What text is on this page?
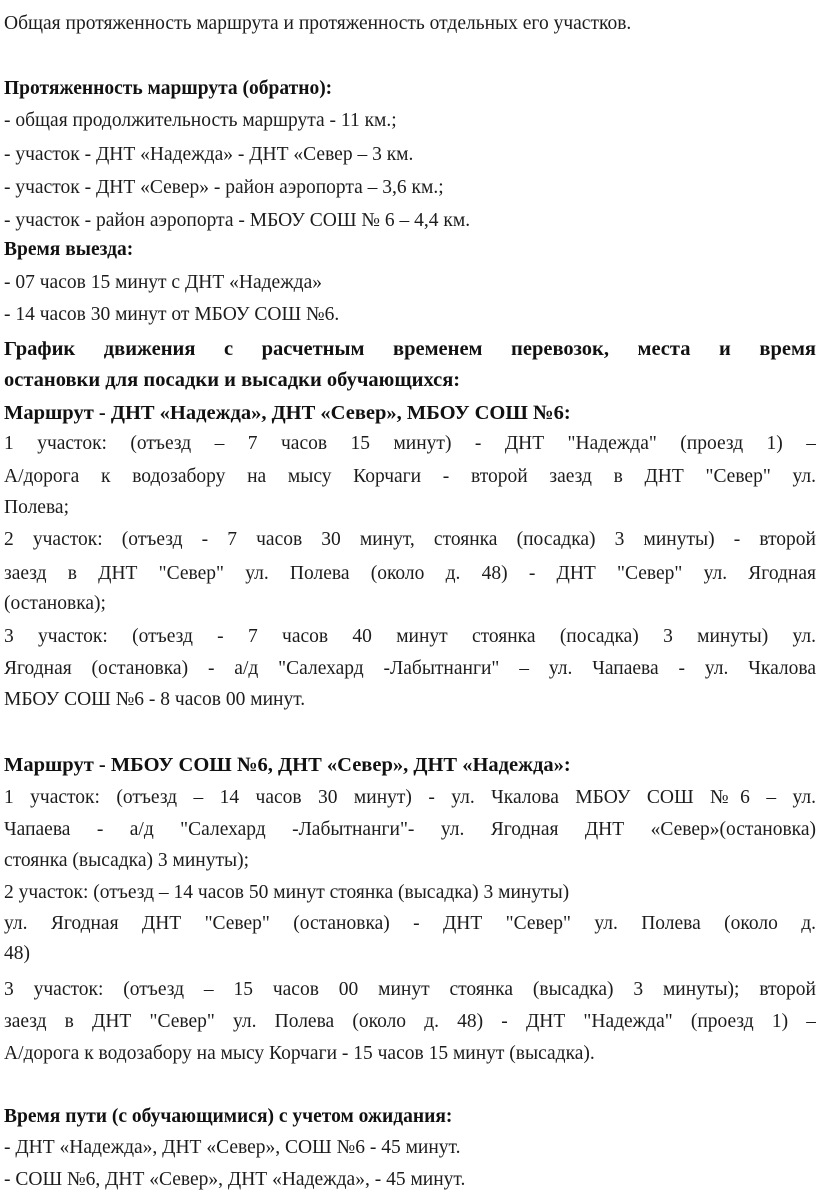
Общая протяженность маршрута и протяженность отдельных его участков.
Протяженность маршрута (обратно):
- общая продолжительность маршрута - 11 км.;
- участок - ДНТ «Надежда» - ДНТ «Север – 3 км.
- участок - ДНТ «Север» - район аэропорта – 3,6 км.;
- участок - район аэропорта - МБОУ СОШ № 6 – 4,4 км.
Время выезда:
- 07 часов 15 минут с ДНТ «Надежда»
- 14 часов 30 минут от МБОУ СОШ №6.
График движения с расчетным временем перевозок, места и время
остановки для посадки и высадки обучающихся:
Маршрут - ДНТ «Надежда», ДНТ «Север», МБОУ СОШ №6:
1 участок: (отъезд – 7 часов 15 минут) - ДНТ "Надежда" (проезд 1) –
А/дорога к водозабору на мысу Корчаги - второй заезд в ДНТ "Север" ул.
Полева;
2 участок: (отъезд - 7 часов 30 минут, стоянка (посадка) 3 минуты) - второй
заезд в ДНТ "Север" ул. Полева (около д. 48) - ДНТ "Север" ул. Ягодная
(остановка);
3 участок: (отъезд - 7 часов 40 минут стоянка (посадка) 3 минуты) ул.
Ягодная (остановка) - а/д "Салехард -Лабытнанги" – ул. Чапаева - ул. Чкалова
МБОУ СОШ №6 - 8 часов 00 минут.
Маршрут - МБОУ СОШ №6, ДНТ «Север», ДНТ «Надежда»:
1 участок: (отъезд – 14 часов 30 минут) - ул. Чкалова МБОУ СОШ №6 – ул.
Чапаева - а/д "Салехард -Лабытнанги"- ул. Ягодная ДНТ «Север»(остановка)
стоянка (высадка) 3 минуты);
2 участок: (отъезд – 14 часов 50 минут стоянка (высадка) 3 минуты)
ул. Ягодная ДНТ "Север" (остановка) - ДНТ "Север" ул. Полева (около д.
48)
3 участок: (отъезд – 15 часов 00 минут стоянка (высадка) 3 минуты); второй
заезд в ДНТ "Север" ул. Полева (около д. 48) - ДНТ "Надежда" (проезд 1) –
А/дорога к водозабору на мысу Корчаги - 15 часов 15 минут (высадка).
Время пути (с обучающимися) с учетом ожидания:
- ДНТ «Надежда», ДНТ «Север», СОШ №6 - 45 минут.
- СОШ №6, ДНТ «Север», ДНТ «Надежда», - 45 минут.
